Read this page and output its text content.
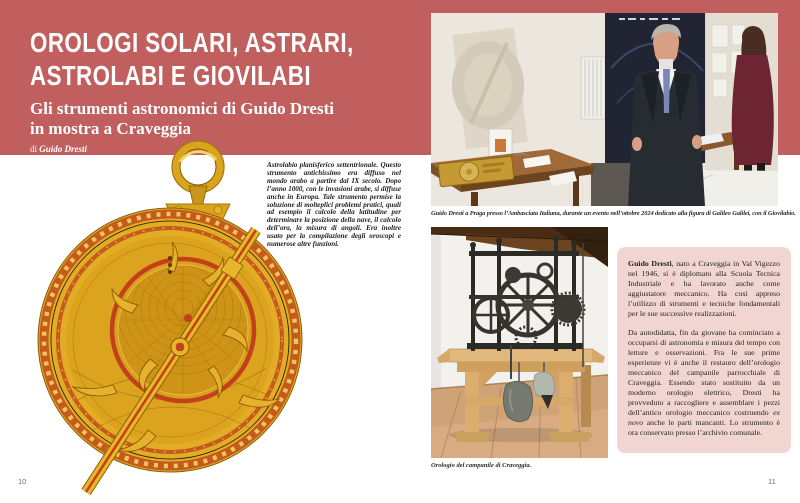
OROLOGI SOLARI, ASTRARI,
ASTROLABI E GIOVILABI
Gli strumenti astronomici di Guido Dresti
in mostra a Craveggia
di Guido Dresti

Astrolabio planisferico settentrionale. Questo strumento antichissimo era diffuso nel mondo arabo a partire dal IX secolo. Dopo l’anno 1000, con le invasioni arabe, si diffuse anche in Europa. Tale strumento permise la soluzione di molteplici problemi pratici, quali ad esempio il calcolo della latitudine per determinare la posizione della nave, il calcolo dell’ora, la misura di angoli. Era inoltre usato per la compilazione degli oroscopi e numerose altre funzioni.

Guido Dresti a Praga presso l’Ambasciata Italiana, durante un evento nell’ottobre 2024 dedicato alla figura di Galileo Galilei, con il Giovilabio.

Orologio del campanile di Craveggia.

Guido Dresti, nato a Craveggia in Val Vigezzo nel 1946, si è diplomato alla Scuola Tecnica Industriale e ha lavorato anche come aggiustatore meccanico. Ha così appreso l’utilizzo di strumenti e tecniche fondamentali per le sue successive realizzazioni.

Da autodidatta, fin da giovane ha cominciato a occuparsi di astronomia e misura del tempo con letture e osservazioni. Fra le sue prime esperienze vi è anche il restauro dell’orologio meccanico del campanile parrocchiale di Craveggia. Essendo stato sostituito da un moderno orologio elettrico, Dresti ha provveduto a raccogliere e assemblare i pezzi dell’antico orologio meccanico costruendo ex novo anche le parti mancanti. Lo strumento è ora conservato presso l’archivio comunale.

10	11
